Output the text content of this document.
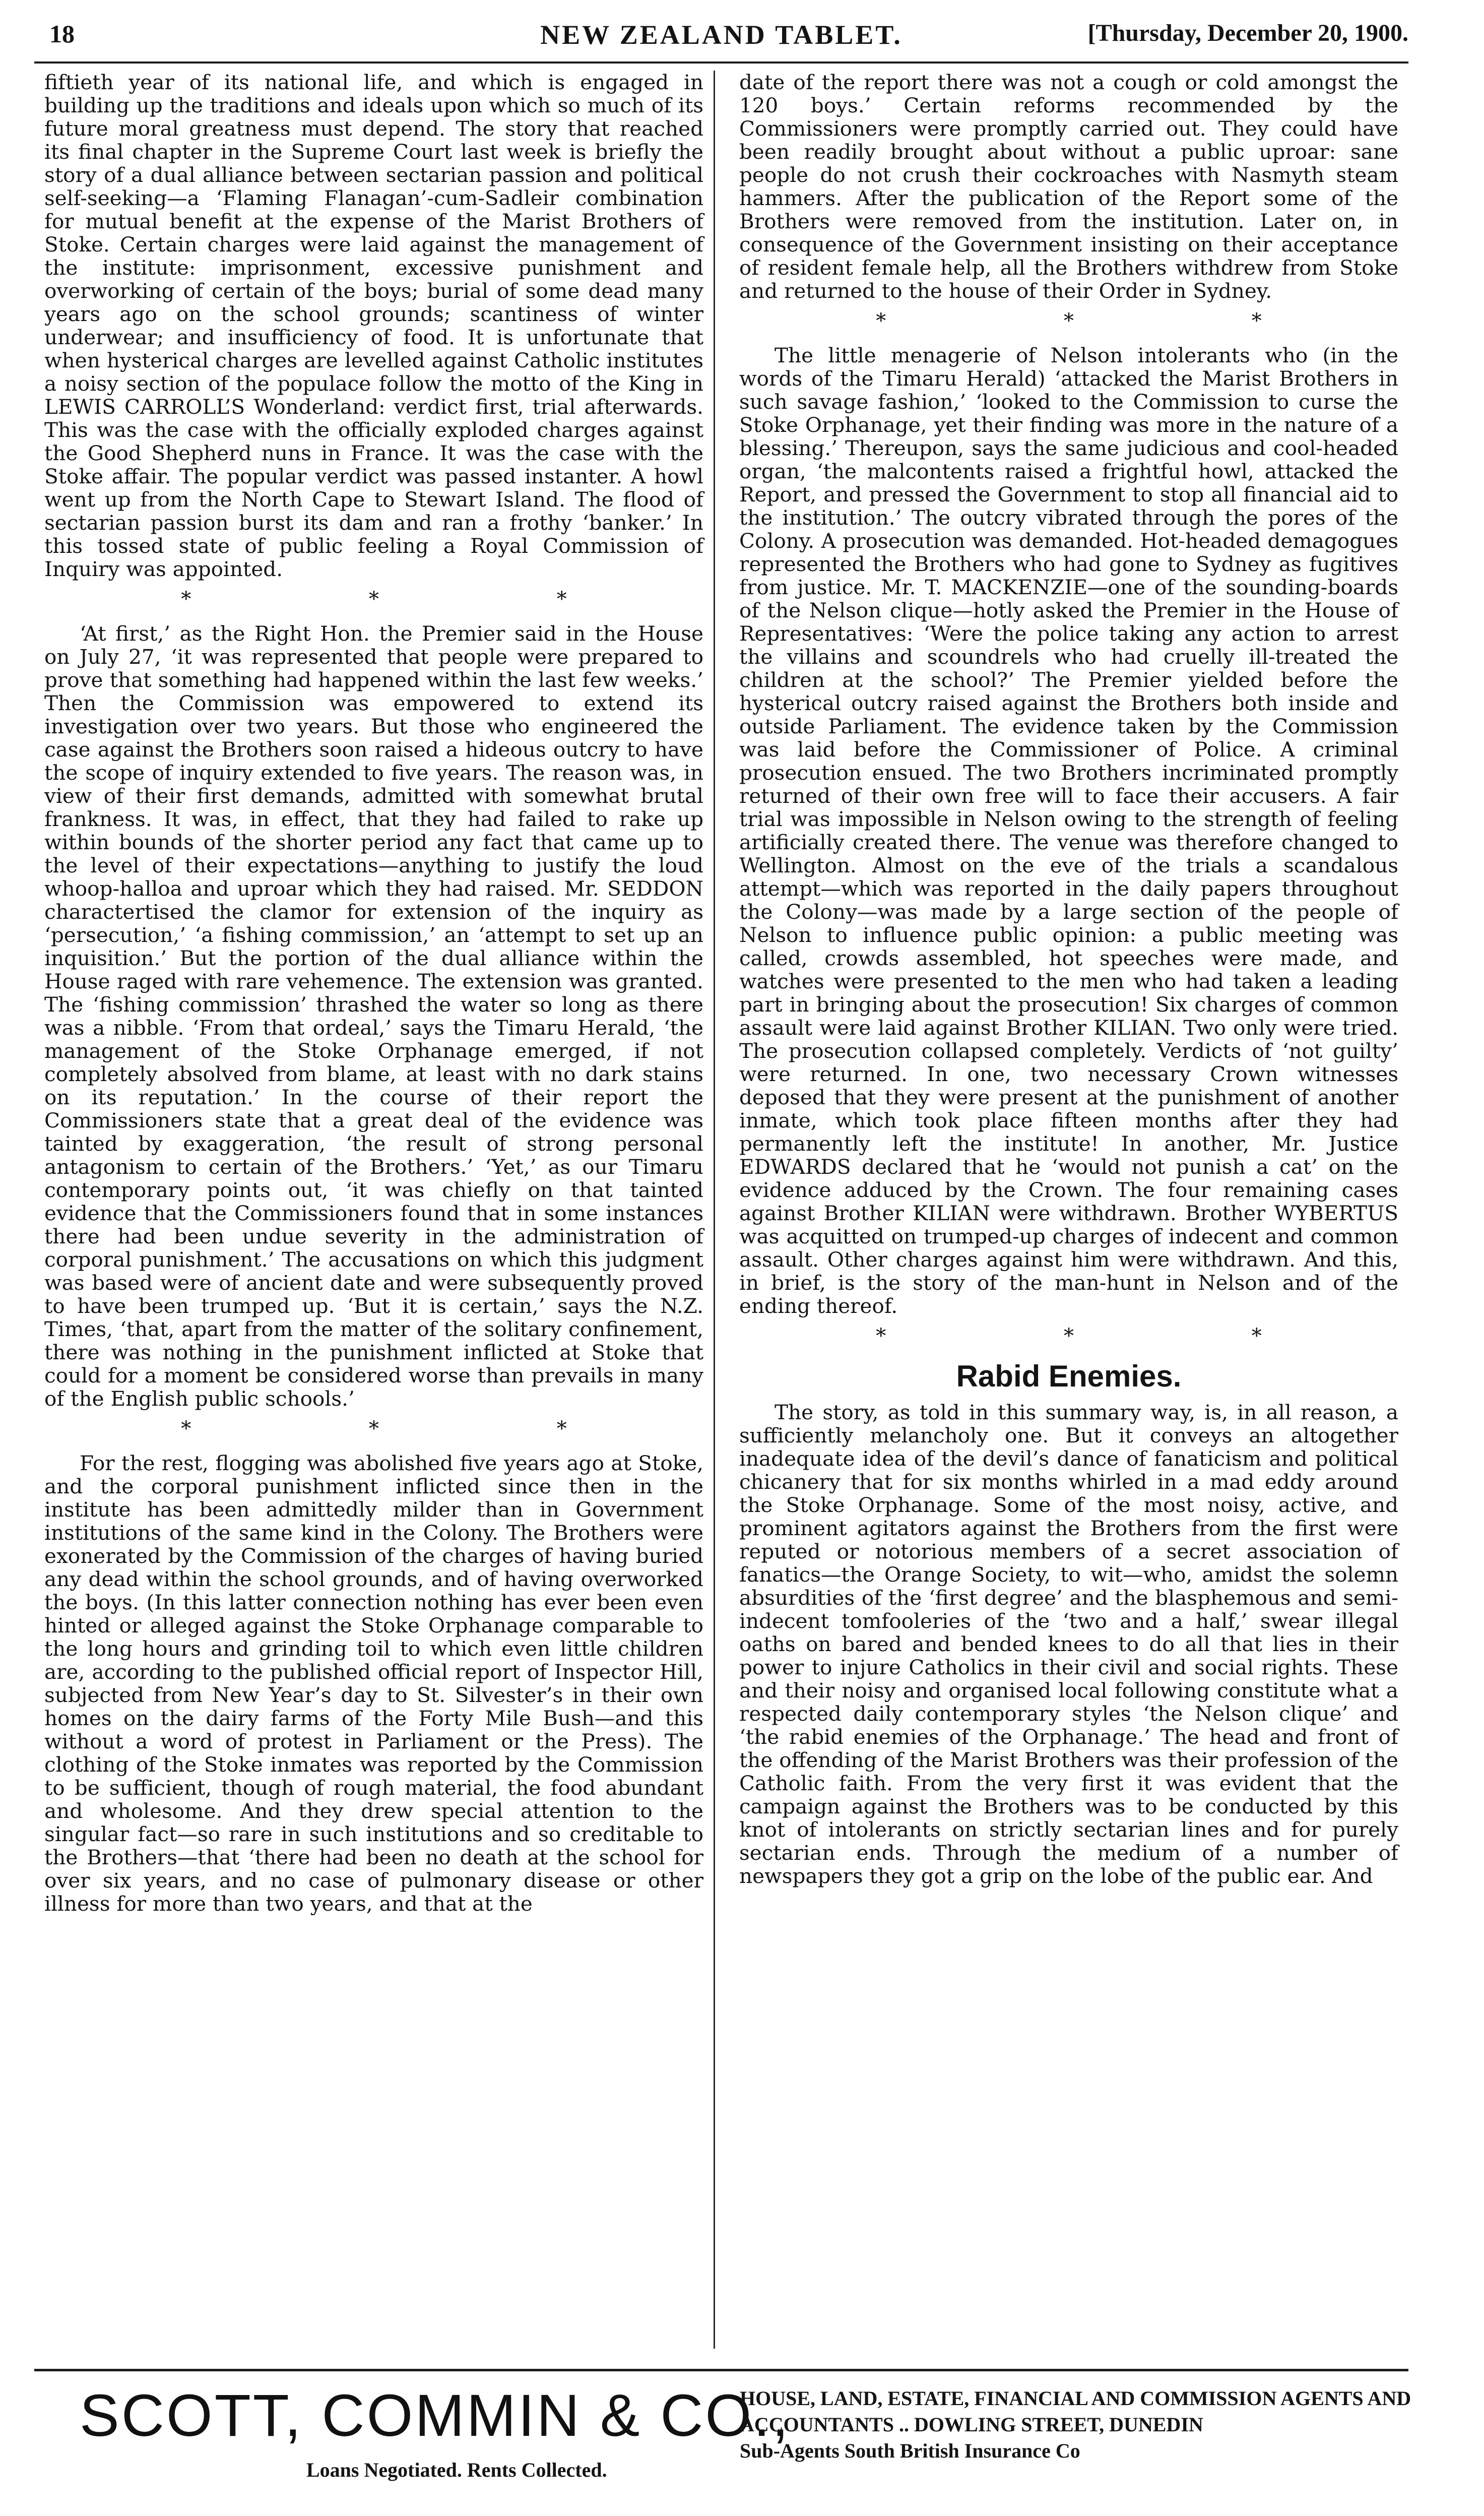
18	NEW ZEALAND TABLET.	[Thursday, December 20, 1900.

fiftieth year of its national life, and which is engaged in building up the traditions and ideals upon which so much of its future moral greatness must depend. The story that reached its final chapter in the Supreme Court last week is briefly the story of a dual alliance between sectarian passion and political self-seeking—a ‘Flaming Flanagan’-cum-Sadleir combination for mutual benefit at the expense of the Marist Brothers of Stoke. Certain charges were laid against the management of the institute: imprisonment, excessive punishment and overworking of certain of the boys; burial of some dead many years ago on the school grounds; scantiness of winter underwear; and insufficiency of food. It is unfortunate that when hysterical charges are levelled against Catholic institutes a noisy section of the populace follow the motto of the King in LEWIS CARROLL’S Wonderland: verdict first, trial afterwards. This was the case with the officially exploded charges against the Good Shepherd nuns in France. It was the case with the Stoke affair. The popular verdict was passed instanter. A howl went up from the North Cape to Stewart Island. The flood of sectarian passion burst its dam and ran a frothy ‘banker.’ In this tossed state of public feeling a Royal Commission of Inquiry was appointed.

* * *

‘At first,’ as the Right Hon. the Premier said in the House on July 27, ‘it was represented that people were prepared to prove that something had happened within the last few weeks.’ Then the Commission was empowered to extend its investigation over two years. But those who engineered the case against the Brothers soon raised a hideous outcry to have the scope of inquiry extended to five years. The reason was, in view of their first demands, admitted with somewhat brutal frankness. It was, in effect, that they had failed to rake up within bounds of the shorter period any fact that came up to the level of their expectations—anything to justify the loud whoop-halloa and uproar which they had raised. Mr. SEDDON charactertised the clamor for extension of the inquiry as ‘persecution,’ ‘a fishing commission,’ an ‘attempt to set up an inquisition.’ But the portion of the dual alliance within the House raged with rare vehemence. The extension was granted. The ‘fishing commission’ thrashed the water so long as there was a nibble. ‘From that ordeal,’ says the Timaru Herald, ‘the management of the Stoke Orphanage emerged, if not completely absolved from blame, at least with no dark stains on its reputation.’ In the course of their report the Commissioners state that a great deal of the evidence was tainted by exaggeration, ‘the result of strong personal antagonism to certain of the Brothers.’ ‘Yet,’ as our Timaru contemporary points out, ‘it was chiefly on that tainted evidence that the Commissioners found that in some instances there had been undue severity in the administration of corporal punishment.’ The accusations on which this judgment was based were of ancient date and were subsequently proved to have been trumped up. ‘But it is certain,’ says the N.Z. Times, ‘that, apart from the matter of the solitary confinement, there was nothing in the punishment inflicted at Stoke that could for a moment be considered worse than prevails in many of the English public schools.’

* * *

For the rest, flogging was abolished five years ago at Stoke, and the corporal punishment inflicted since then in the institute has been admittedly milder than in Government institutions of the same kind in the Colony. The Brothers were exonerated by the Commission of the charges of having buried any dead within the school grounds, and of having overworked the boys. (In this latter connection nothing has ever been even hinted or alleged against the Stoke Orphanage comparable to the long hours and grinding toil to which even little children are, according to the published official report of Inspector Hill, subjected from New Year’s day to St. Silvester’s in their own homes on the dairy farms of the Forty Mile Bush—and this without a word of protest in Parliament or the Press). The clothing of the Stoke inmates was reported by the Commission to be sufficient, though of rough material, the food abundant and wholesome. And they drew special attention to the singular fact—so rare in such institutions and so creditable to the Brothers—that ‘there had been no death at the school for over six years, and no case of pulmonary disease or other illness for more than two years, and that at the

date of the report there was not a cough or cold amongst the 120 boys.’ Certain reforms recommended by the Commissioners were promptly carried out. They could have been readily brought about without a public uproar: sane people do not crush their cockroaches with Nasmyth steam hammers. After the publication of the Report some of the Brothers were removed from the institution. Later on, in consequence of the Government insisting on their acceptance of resident female help, all the Brothers withdrew from Stoke and returned to the house of their Order in Sydney.

* * *

The little menagerie of Nelson intolerants who (in the words of the Timaru Herald) ‘attacked the Marist Brothers in such savage fashion,’ ‘looked to the Commission to curse the Stoke Orphanage, yet their finding was more in the nature of a blessing.’ Thereupon, says the same judicious and cool-headed organ, ‘the malcontents raised a frightful howl, attacked the Report, and pressed the Government to stop all financial aid to the institution.’ The outcry vibrated through the pores of the Colony. A prosecution was demanded. Hot-headed demagogues represented the Brothers who had gone to Sydney as fugitives from justice. Mr. T. MACKENZIE—one of the sounding-boards of the Nelson clique—hotly asked the Premier in the House of Representatives: ‘Were the police taking any action to arrest the villains and scoundrels who had cruelly ill-treated the children at the school?’ The Premier yielded before the hysterical outcry raised against the Brothers both inside and outside Parliament. The evidence taken by the Commission was laid before the Commissioner of Police. A criminal prosecution ensued. The two Brothers incriminated promptly returned of their own free will to face their accusers. A fair trial was impossible in Nelson owing to the strength of feeling artificially created there. The venue was therefore changed to Wellington. Almost on the eve of the trials a scandalous attempt—which was reported in the daily papers throughout the Colony—was made by a large section of the people of Nelson to influence public opinion: a public meeting was called, crowds assembled, hot speeches were made, and watches were presented to the men who had taken a leading part in bringing about the prosecution! Six charges of common assault were laid against Brother KILIAN. Two only were tried. The prosecution collapsed completely. Verdicts of ‘not guilty’ were returned. In one, two necessary Crown witnesses deposed that they were present at the punishment of another inmate, which took place fifteen months after they had permanently left the institute! In another, Mr. Justice EDWARDS declared that he ‘would not punish a cat’ on the evidence adduced by the Crown. The four remaining cases against Brother KILIAN were withdrawn. Brother WYBERTUS was acquitted on trumped-up charges of indecent and common assault. Other charges against him were withdrawn. And this, in brief, is the story of the man-hunt in Nelson and of the ending thereof.

* * *
Rabid Enemies.

The story, as told in this summary way, is, in all reason, a sufficiently melancholy one. But it conveys an altogether inadequate idea of the devil’s dance of fanaticism and political chicanery that for six months whirled in a mad eddy around the Stoke Orphanage. Some of the most noisy, active, and prominent agitators against the Brothers from the first were reputed or notorious members of a secret association of fanatics—the Orange Society, to wit—who, amidst the solemn absurdities of the ‘first degree’ and the blasphemous and semi-indecent tomfooleries of the ‘two and a half,’ swear illegal oaths on bared and bended knees to do all that lies in their power to injure Catholics in their civil and social rights. These and their noisy and organised local following constitute what a respected daily contemporary styles ‘the Nelson clique’ and ‘the rabid enemies of the Orphanage.’ The head and front of the offending of the Marist Brothers was their profession of the Catholic faith. From the very first it was evident that the campaign against the Brothers was to be conducted by this knot of intolerants on strictly sectarian lines and for purely sectarian ends. Through the medium of a number of newspapers they got a grip on the lobe of the public ear. And

SCOTT, COMMIN & CO.,
Loans Negotiated. Rents Collected.
HOUSE, LAND, ESTATE, FINANCIAL AND COMMISSION AGENTS AND
ACCOUNTANTS .. DOWLING STREET, DUNEDIN
Sub-Agents South British Insurance Co
